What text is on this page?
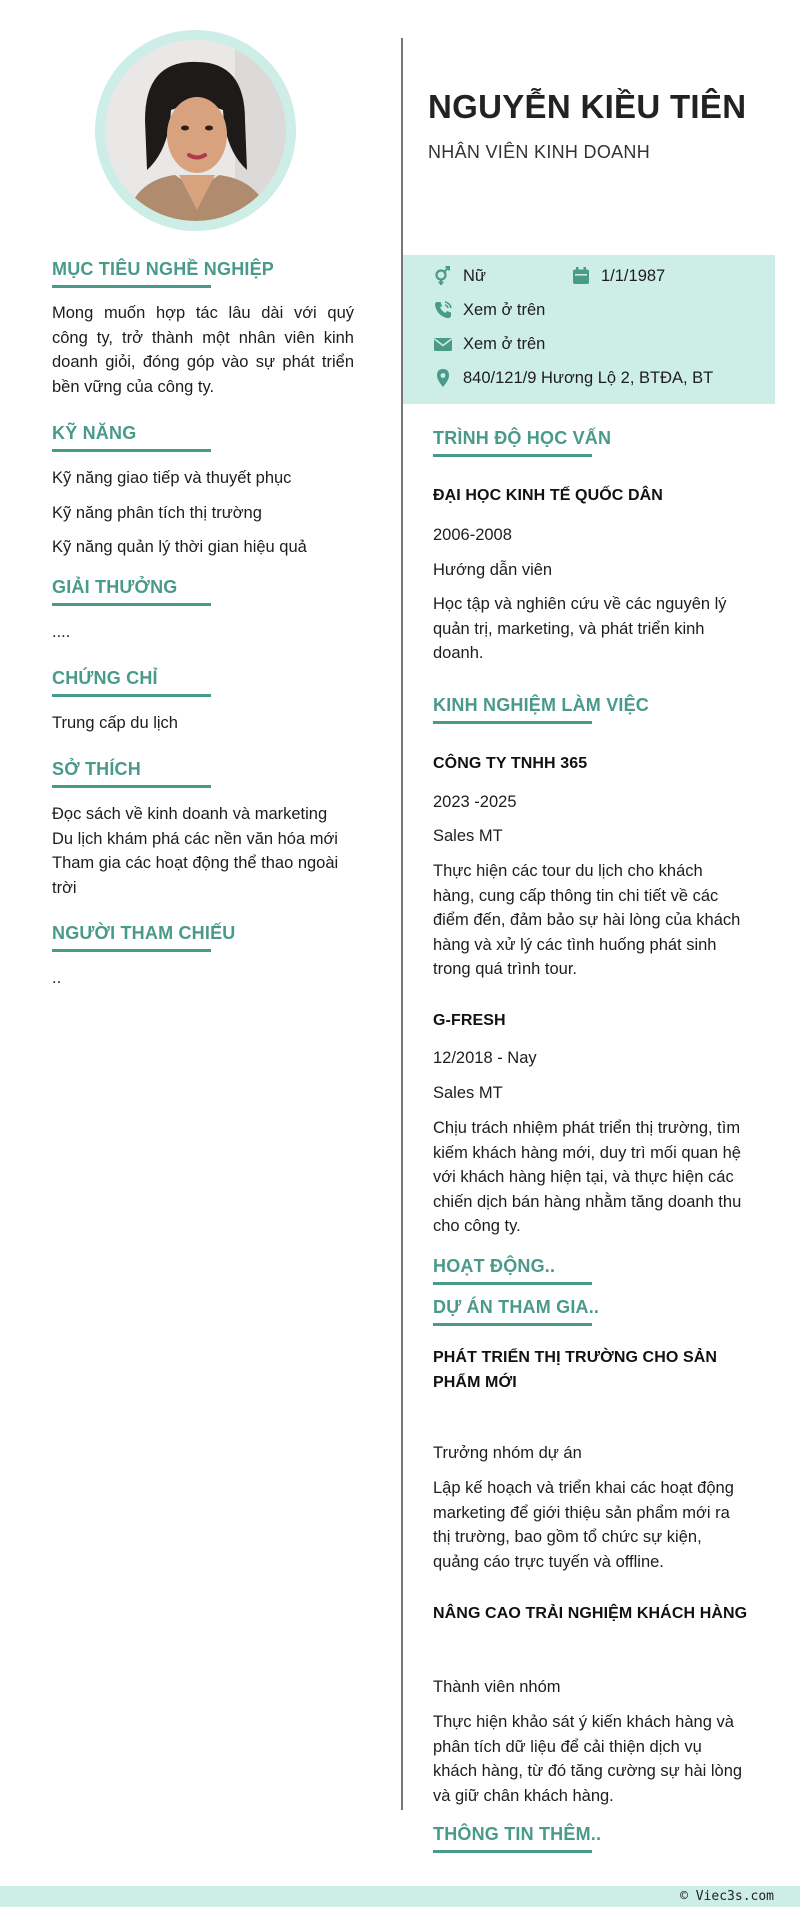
MỤC TIÊU NGHỀ NGHIỆP
Mong muốn hợp tác lâu dài với quý
công ty, trở thành một nhân viên kinh
doanh giỏi, đóng góp vào sự phát triển
bền vững của công ty.
KỸ NĂNG
Kỹ năng giao tiếp và thuyết phục
Kỹ năng phân tích thị trường
Kỹ năng quản lý thời gian hiệu quả
GIẢI THƯỞNG
....
CHỨNG CHỈ
Trung cấp du lịch
SỞ THÍCH
Đọc sách về kinh doanh và marketing
Du lịch khám phá các nền văn hóa mới
Tham gia các hoạt động thể thao ngoài
trời
NGƯỜI THAM CHIẾU
..
NGUYỄN KIỀU TIÊN
NHÂN VIÊN KINH DOANH
Nữ	1/1/1987
Xem ở trên
Xem ở trên
840/121/9 Hương Lộ 2, BTĐA, BT
TRÌNH ĐỘ HỌC VẤN
ĐẠI HỌC KINH TẾ QUỐC DÂN
2006-2008
Hướng dẫn viên
Học tập và nghiên cứu về các nguyên lý
quản trị, marketing, và phát triển kinh
doanh.
KINH NGHIỆM LÀM VIỆC
CÔNG TY TNHH 365
2023 -2025
Sales MT
Thực hiện các tour du lịch cho khách
hàng, cung cấp thông tin chi tiết về các
điểm đến, đảm bảo sự hài lòng của khách
hàng và xử lý các tình huống phát sinh
trong quá trình tour.
G-FRESH
12/2018 - Nay
Sales MT
Chịu trách nhiệm phát triển thị trường, tìm
kiếm khách hàng mới, duy trì mối quan hệ
với khách hàng hiện tại, và thực hiện các
chiến dịch bán hàng nhằm tăng doanh thu
cho công ty.
HOẠT ĐỘNG..
DỰ ÁN THAM GIA..
PHÁT TRIỂN THỊ TRƯỜNG CHO SẢN
PHẨM MỚI
Trưởng nhóm dự án
Lập kế hoạch và triển khai các hoạt động
marketing để giới thiệu sản phẩm mới ra
thị trường, bao gồm tổ chức sự kiện,
quảng cáo trực tuyến và offline.
NÂNG CAO TRẢI NGHIỆM KHÁCH HÀNG
Thành viên nhóm
Thực hiện khảo sát ý kiến khách hàng và
phân tích dữ liệu để cải thiện dịch vụ
khách hàng, từ đó tăng cường sự hài lòng
và giữ chân khách hàng.
THÔNG TIN THÊM..
© Viec3s.com
